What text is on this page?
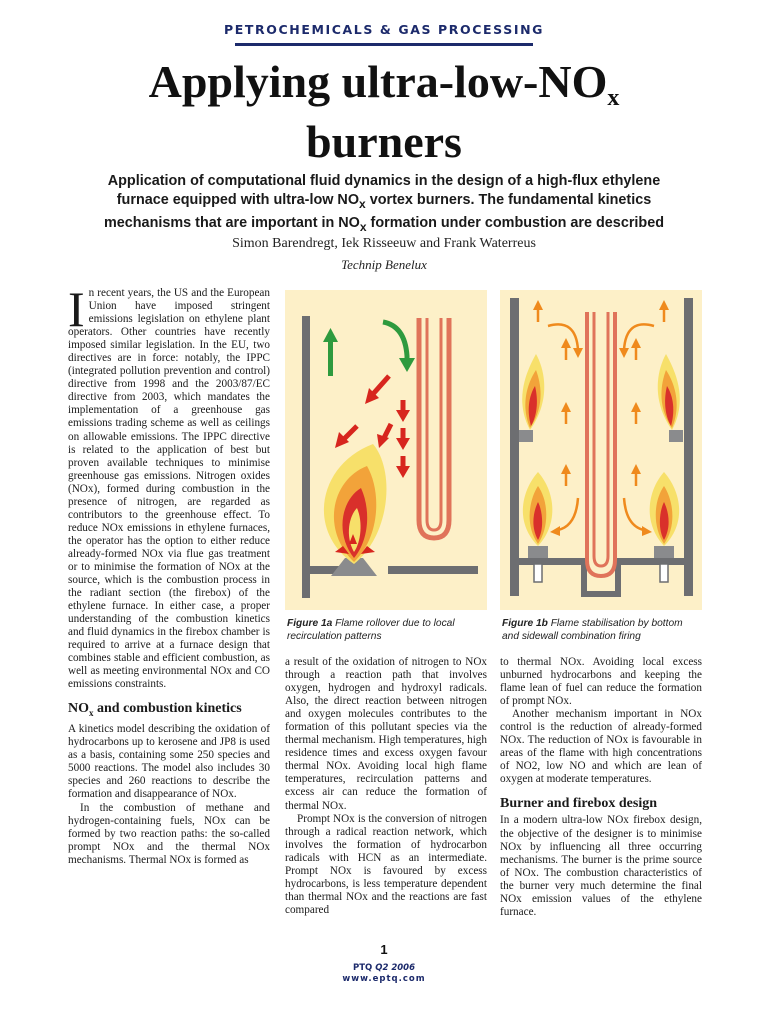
PETROCHEMICALS & GAS PROCESSING
Applying ultra-$low-NO_x$
burners
Application of computational fluid dynamics in the design of a high-flux ethylene furnace equipped with ultra-low $NO_x$ vortex burners. The fundamental kinetics mechanisms that are important in $NO_x$ formation under combustion are described
Simon Barendregt, Iek Risseeuw and Frank Waterreus
Technip Benelux

In recent years, the US and the European Union have imposed stringent emissions legislation on ethylene plant operators. Other countries have recently imposed similar legislation. In the EU, two directives are in force: notably, the IPPC (integrated pollution prevention and control) directive from 1998 and the 2003/87/EC directive from 2003, which mandates the implementation of a greenhouse gas emissions trading scheme as well as ceilings on allowable emissions. The IPPC directive is related to the application of best but proven available techniques to minimise greenhouse gas emissions. Nitrogen oxides (NOx), formed during combustion in the presence of nitrogen, are regarded as contributors to the greenhouse effect. To reduce NOx emissions in ethylene furnaces, the operator has the option to either reduce already-formed NOx via flue gas treatment or to minimise the formation of NOx at the source, which is the combustion process in the radiant section (the firebox) of the ethylene furnace. In either case, a proper understanding of the combustion kinetics and fluid dynamics in the firebox chamber is required to arrive at a furnace design that combines stable and efficient combustion, as well as meeting environmental NOx and CO emissions constraints.

$NO_x$ and combustion kinetics

A kinetics model describing the oxidation of hydrocarbons up to kerosene and JP8 is used as a basis, containing some 250 species and 5000 reactions. The model also includes 30 species and 260 reactions to describe the formation and disappearance of NOx.

In the combustion of methane and hydrogen-containing fuels, NOx can be formed by two reaction paths: the so-called prompt NOx and the thermal NOx mechanisms. Thermal NOx is formed as

Figure 1a Flame rollover due to local recirculation patterns
Figure 1b Flame stabilisation by bottom and sidewall combination firing

a result of the oxidation of nitrogen to NOx through a reaction path that involves oxygen, hydrogen and hydroxyl radicals. Also, the direct reaction between nitrogen and oxygen molecules contributes to the formation of this pollutant species via the thermal mechanism. High temperatures, high residence times and excess oxygen favour thermal NOx. Avoiding local high flame temperatures, recirculation patterns and excess air can reduce the formation of thermal NOx.

Prompt NOx is the conversion of nitrogen through a radical reaction network, which involves the formation of hydrocarbon radicals with HCN as an intermediate. Prompt NOx is favoured by excess hydrocarbons, is less temperature dependent than thermal NOx and the reactions are fast compared

to thermal NOx. Avoiding local excess unburned hydrocarbons and keeping the flame lean of fuel can reduce the formation of prompt NOx.

Another mechanism important in NOx control is the reduction of already-formed NOx. The reduction of NOx is favourable in areas of the flame with high concentrations of NO2, low NO and which are lean of oxygen at moderate temperatures.

Burner and firebox design

In a modern ultra-low NOx firebox design, the objective of the designer is to minimise NOx by influencing all three occurring mechanisms. The burner is the prime source of NOx. The combustion characteristics of the burner very much determine the final NOx emission values of the ethylene furnace.

1
PTQ Q2 2006
www.eptq.com
